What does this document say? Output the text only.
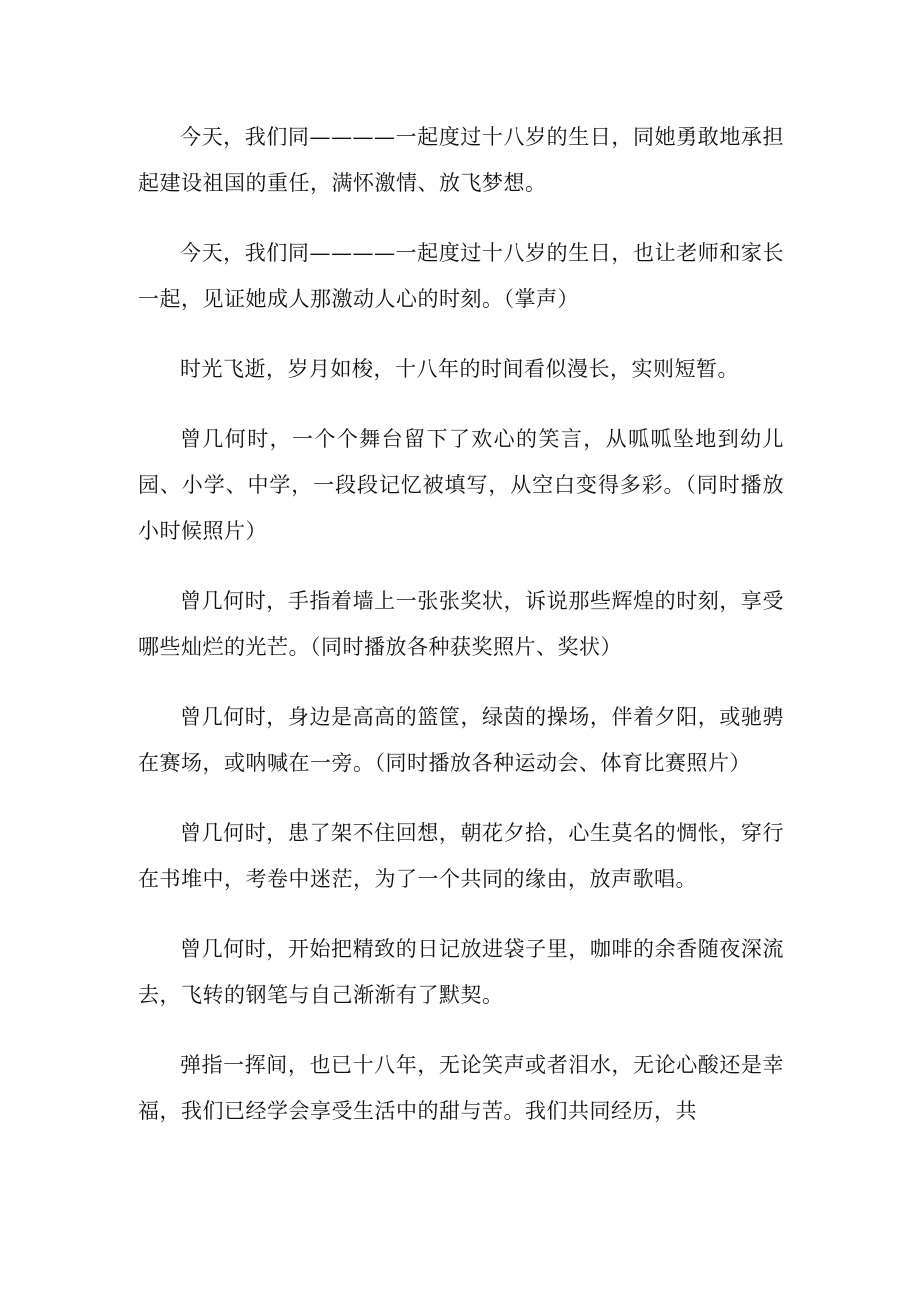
今天，我们同————一起度过十八岁的生日，同她勇敢地承担起建设祖国的重任，满怀激情、放飞梦想。

今天，我们同————一起度过十八岁的生日，也让老师和家长一起，见证她成人那激动人心的时刻。（掌声）

时光飞逝，岁月如梭，十八年的时间看似漫长，实则短暂。

曾几何时，一个个舞台留下了欢心的笑言，从呱呱坠地到幼儿园、小学、中学，一段段记忆被填写，从空白变得多彩。（同时播放小时候照片）

曾几何时，手指着墙上一张张奖状，诉说那些辉煌的时刻，享受哪些灿烂的光芒。（同时播放各种获奖照片、奖状）

曾几何时，身边是高高的篮筐，绿茵的操场，伴着夕阳，或驰骋在赛场，或呐喊在一旁。（同时播放各种运动会、体育比赛照片）

曾几何时，患了架不住回想，朝花夕拾，心生莫名的惆怅，穿行在书堆中，考卷中迷茫，为了一个共同的缘由，放声歌唱。

曾几何时，开始把精致的日记放进袋子里，咖啡的余香随夜深流去，飞转的钢笔与自己渐渐有了默契。

弹指一挥间，也已十八年，无论笑声或者泪水，无论心酸还是幸福，我们已经学会享受生活中的甜与苦。我们共同经历，共
